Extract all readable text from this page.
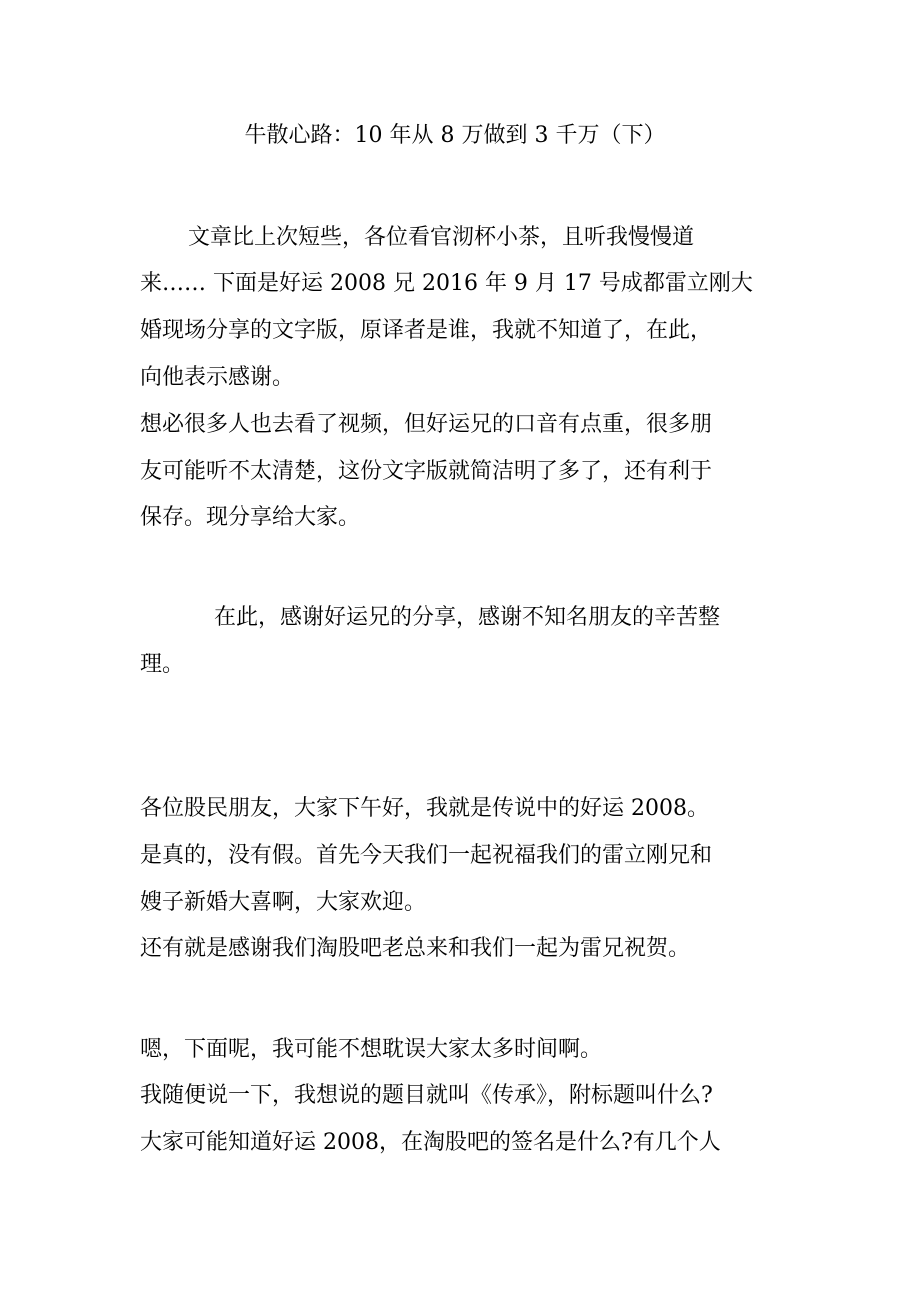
牛散心路：10 年从 8 万做到 3 千万（下）
文章比上次短些，各位看官沏杯小茶，且听我慢慢道
来…… 下面是好运 2008 兄 2016 年 9 月 17 号成都雷立刚大
婚现场分享的文字版，原译者是谁，我就不知道了，在此，
向他表示感谢。
想必很多人也去看了视频，但好运兄的口音有点重，很多朋
友可能听不太清楚，这份文字版就简洁明了多了，还有利于
保存。现分享给大家。
在此，感谢好运兄的分享，感谢不知名朋友的辛苦整
理。
各位股民朋友，大家下午好，我就是传说中的好运 2008。
是真的，没有假。首先今天我们一起祝福我们的雷立刚兄和
嫂子新婚大喜啊，大家欢迎。
还有就是感谢我们淘股吧老总来和我们一起为雷兄祝贺。
嗯，下面呢，我可能不想耽误大家太多时间啊。
我随便说一下，我想说的题目就叫《传承》，附标题叫什么?
大家可能知道好运 2008，在淘股吧的签名是什么?有几个人
